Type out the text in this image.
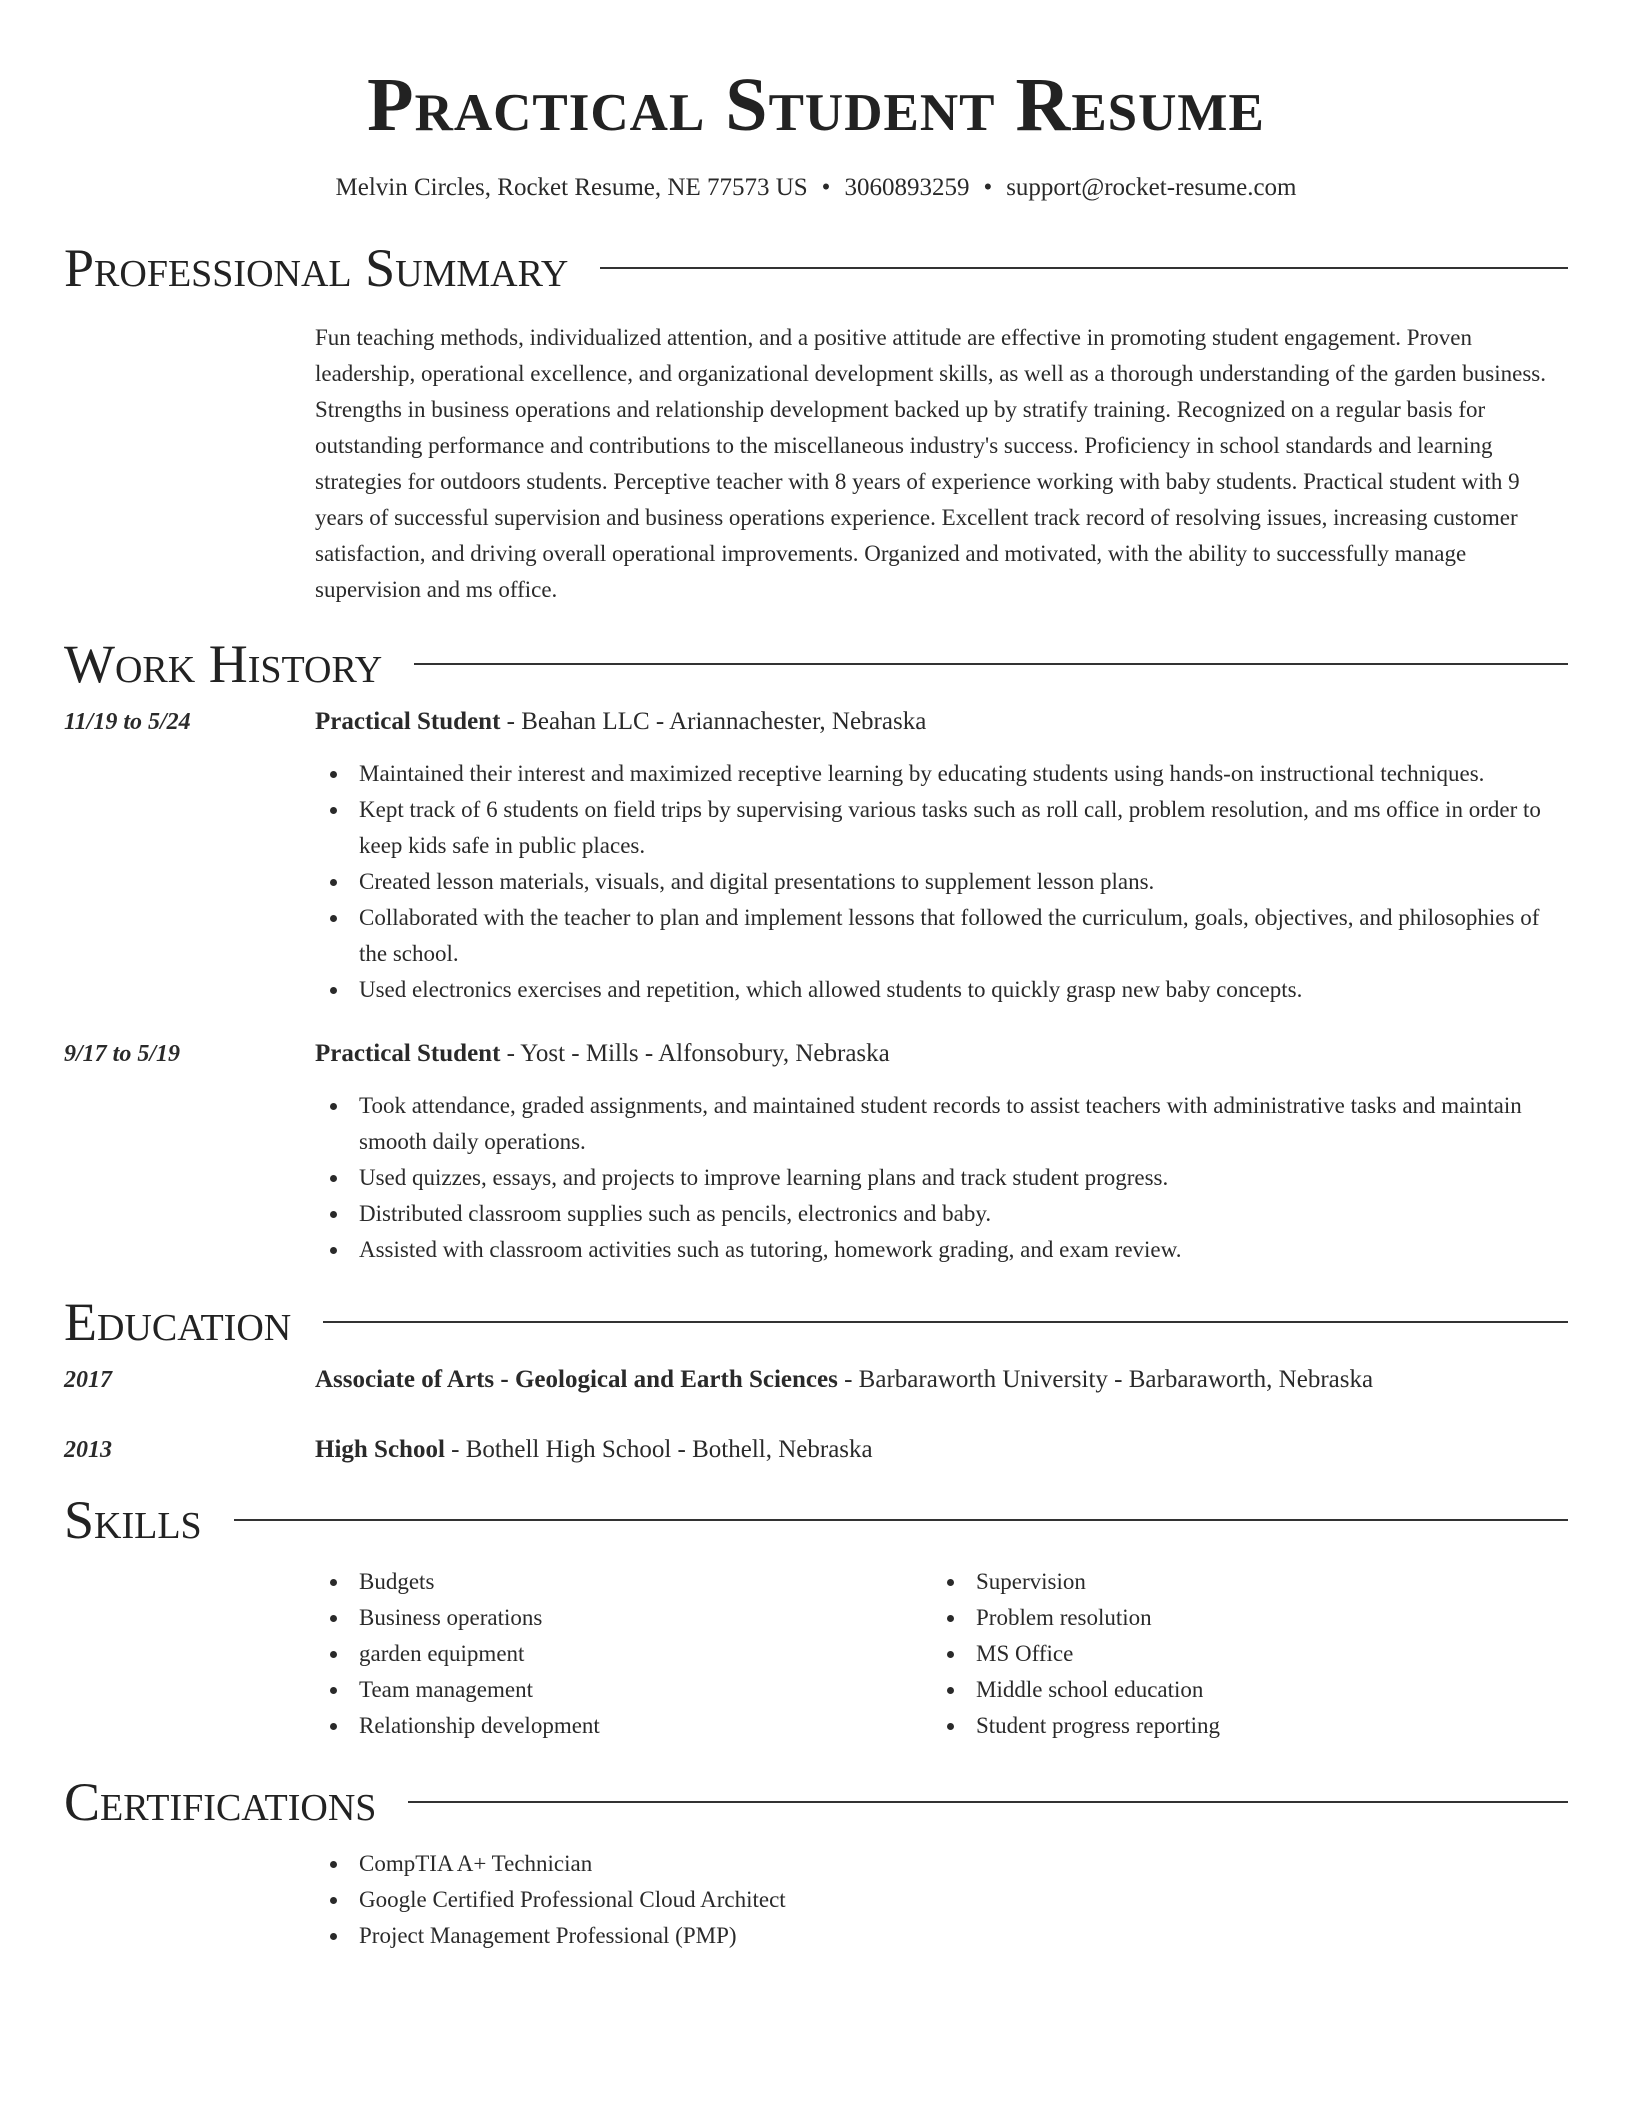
Practical Student Resume
Melvin Circles, Rocket Resume, NE 77573 US • 3060893259 • support@rocket-resume.com
Professional Summary

Fun teaching methods, individualized attention, and a positive attitude are effective in promoting student engagement. Proven leadership, operational excellence, and organizational development skills, as well as a thorough understanding of the garden business. Strengths in business operations and relationship development backed up by stratify training. Recognized on a regular basis for outstanding performance and contributions to the miscellaneous industry's success. Proficiency in school standards and learning strategies for outdoors students. Perceptive teacher with 8 years of experience working with baby students. Practical student with 9 years of successful supervision and business operations experience. Excellent track record of resolving issues, increasing customer satisfaction, and driving overall operational improvements. Organized and motivated, with the ability to successfully manage supervision and ms office.

Work History
11/19 to 5/24	Practical Student - Beahan LLC - Ariannachester, Nebraska
Maintained their interest and maximized receptive learning by educating students using hands-on instructional techniques.
Kept track of 6 students on field trips by supervising various tasks such as roll call, problem resolution, and ms office in order to keep kids safe in public places.
Created lesson materials, visuals, and digital presentations to supplement lesson plans.
Collaborated with the teacher to plan and implement lessons that followed the curriculum, goals, objectives, and philosophies of the school.
Used electronics exercises and repetition, which allowed students to quickly grasp new baby concepts.
9/17 to 5/19	Practical Student - Yost - Mills - Alfonsobury, Nebraska
Took attendance, graded assignments, and maintained student records to assist teachers with administrative tasks and maintain smooth daily operations.
Used quizzes, essays, and projects to improve learning plans and track student progress.
Distributed classroom supplies such as pencils, electronics and baby.
Assisted with classroom activities such as tutoring, homework grading, and exam review.
Education
2017	Associate of Arts - Geological and Earth Sciences - Barbaraworth University - Barbaraworth, Nebraska
2013	High School - Bothell High School - Bothell, Nebraska
Skills
Budgets
Business operations
garden equipment
Team management
Relationship development
Supervision
Problem resolution
MS Office
Middle school education
Student progress reporting
Certifications
CompTIA A+ Technician
Google Certified Professional Cloud Architect
Project Management Professional (PMP)
